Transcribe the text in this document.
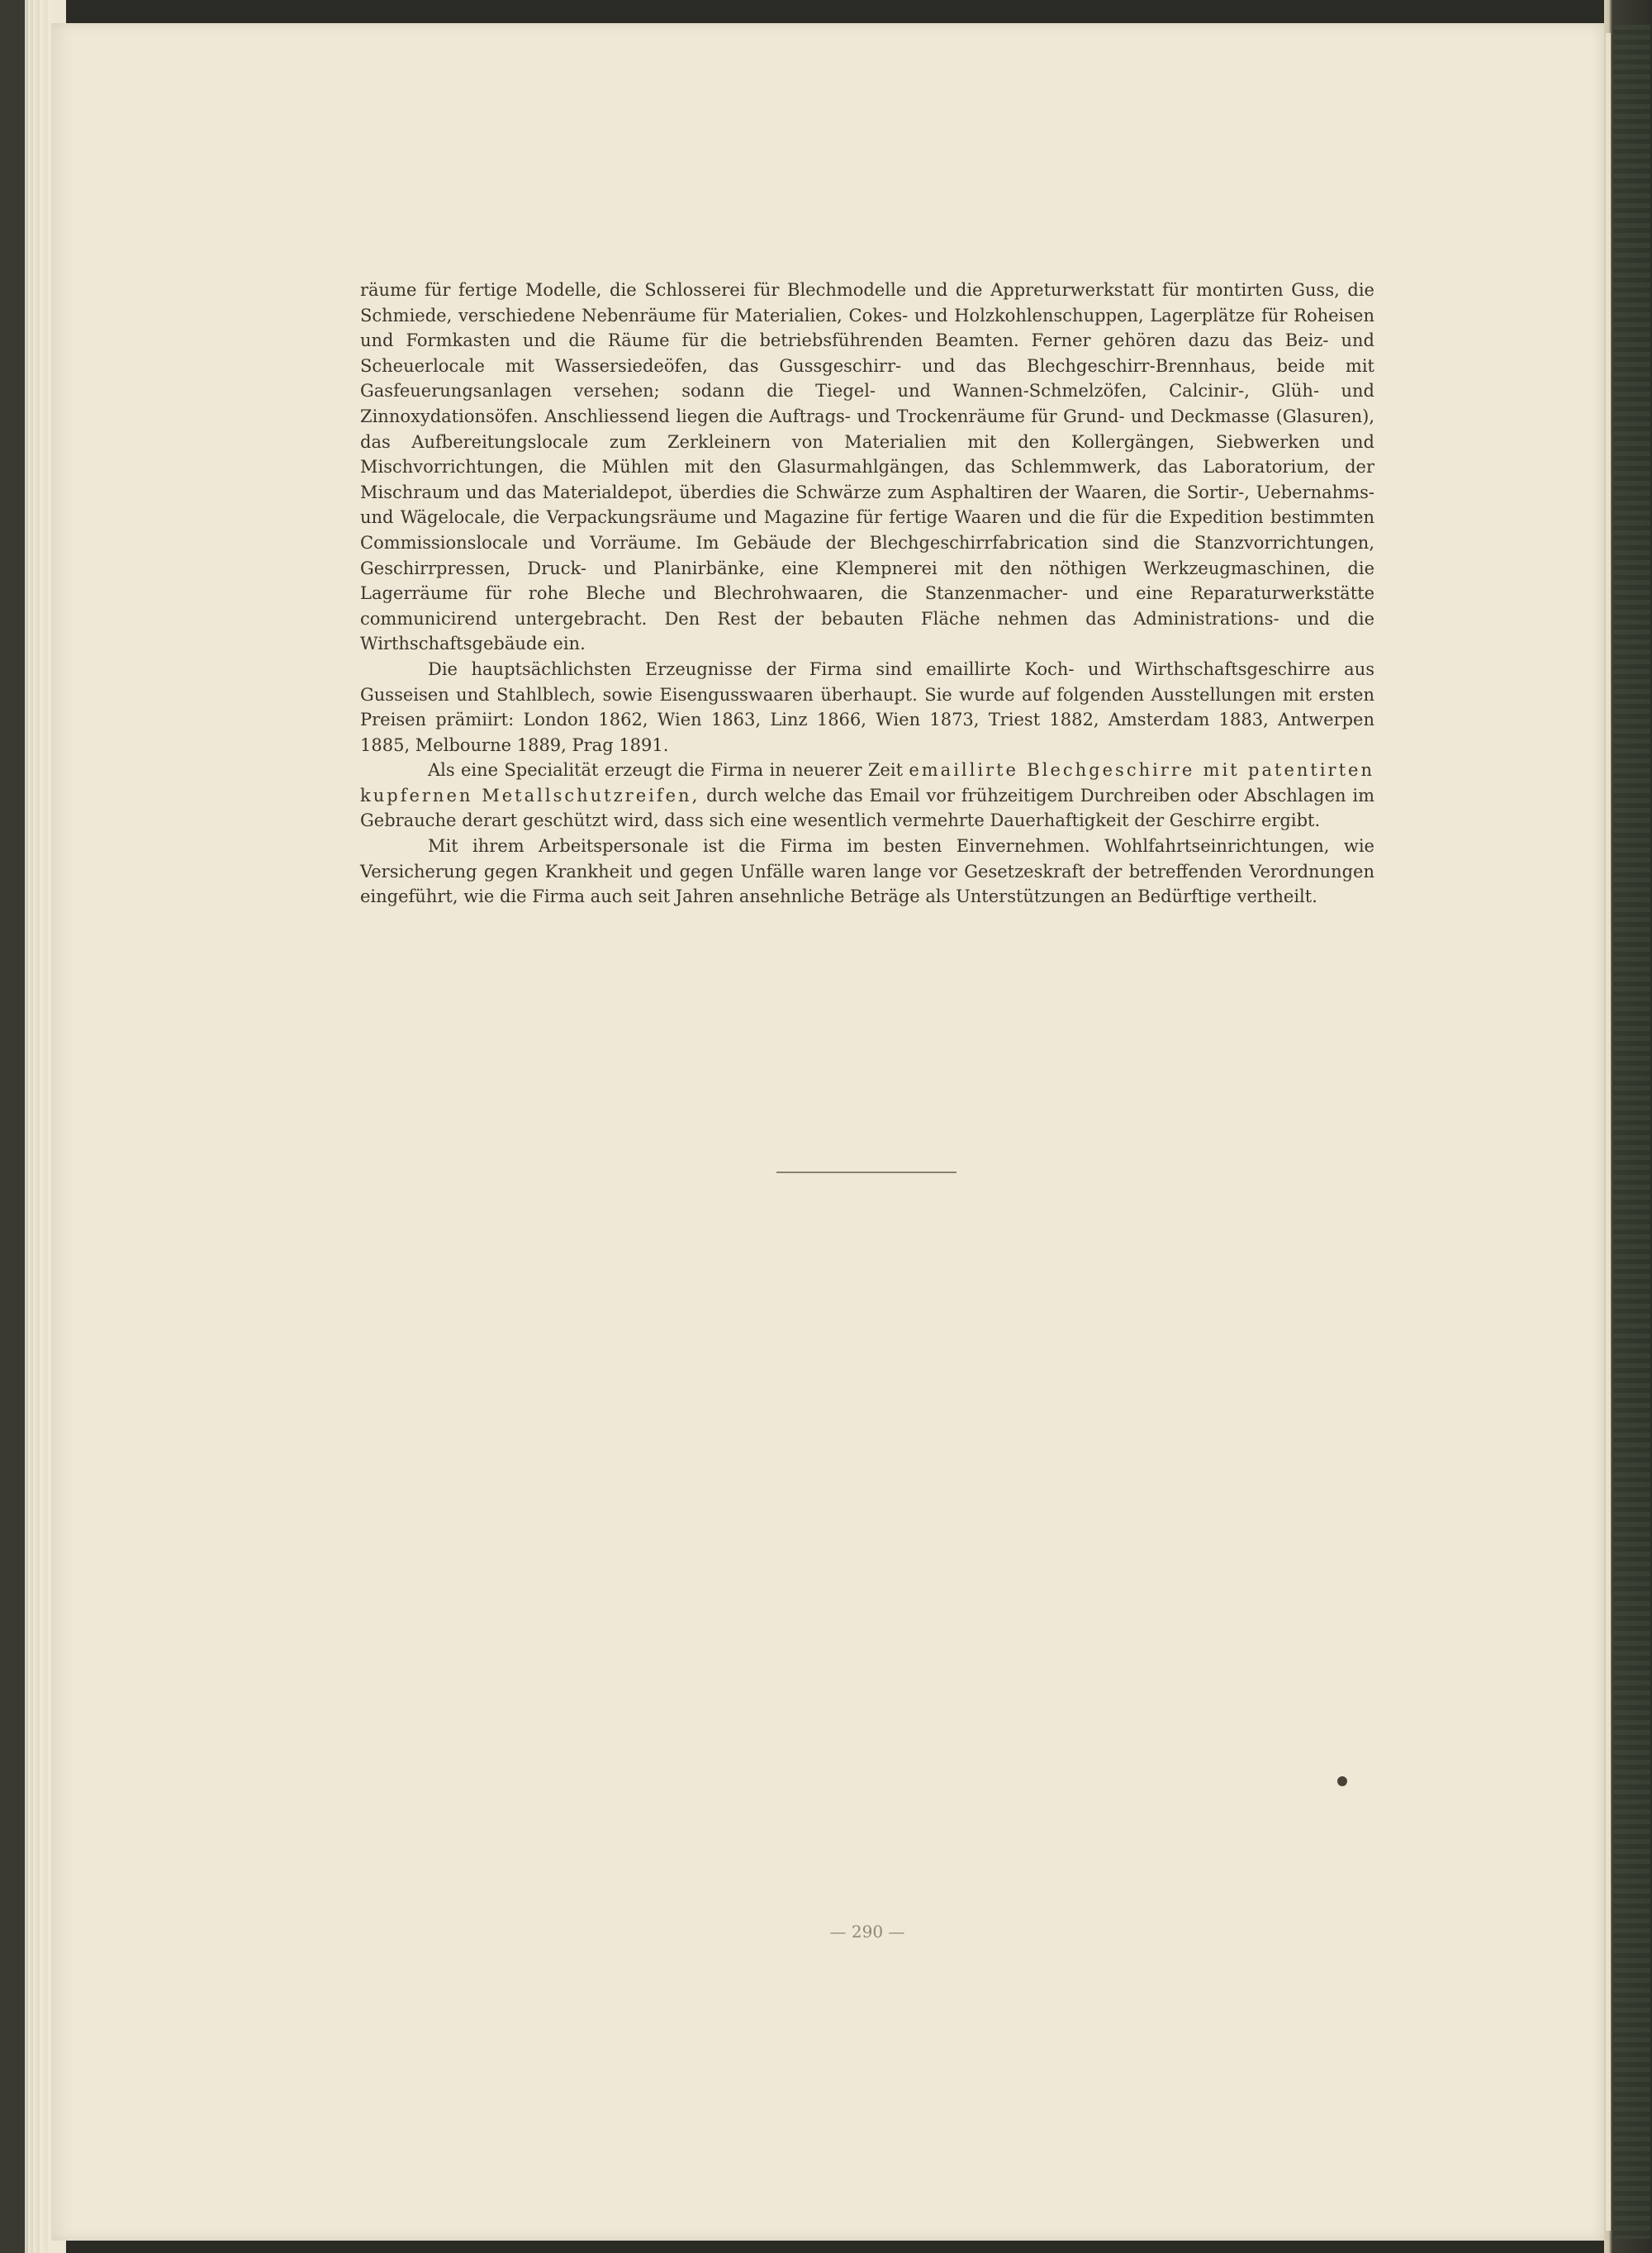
räume für fertige Modelle, die Schlosserei für Blechmodelle und die Appreturwerkstatt für montirten Guss, die Schmiede, verschiedene Nebenräume für Materialien, Cokes- und Holzkohlenschuppen, Lagerplätze für Roheisen und Formkasten und die Räume für die betriebsführenden Beamten. Ferner gehören dazu das Beiz- und Scheuerlocale mit Wassersiedeöfen, das Gussgeschirr- und das Blechgeschirr-Brennhaus, beide mit Gasfeuerungsanlagen versehen; sodann die Tiegel- und Wannen-Schmelzöfen, Calcinir-, Glüh- und Zinnoxydationsöfen. Anschliessend liegen die Auftrags- und Trockenräume für Grund- und Deckmasse (Glasuren), das Aufbereitungslocale zum Zerkleinern von Materialien mit den Kollergängen, Siebwerken und Mischvorrichtungen, die Mühlen mit den Glasurmahlgängen, das Schlemmwerk, das Laboratorium, der Mischraum und das Materialdepot, überdies die Schwärze zum Asphaltiren der Waaren, die Sortir-, Uebernahms- und Wägelocale, die Verpackungsräume und Magazine für fertige Waaren und die für die Expedition bestimmten Commissionslocale und Vorräume. Im Gebäude der Blechgeschirrfabrication sind die Stanzvorrichtungen, Geschirrpressen, Druck- und Planirbänke, eine Klempnerei mit den nöthigen Werkzeugmaschinen, die Lagerräume für rohe Bleche und Blechrohwaaren, die Stanzenmacher- und eine Reparaturwerkstätte communicirend untergebracht. Den Rest der bebauten Fläche nehmen das Administrations- und die Wirthschaftsgebäude ein.

Die hauptsächlichsten Erzeugnisse der Firma sind emaillirte Koch- und Wirthschaftsgeschirre aus Gusseisen und Stahlblech, sowie Eisengusswaaren überhaupt. Sie wurde auf folgenden Ausstellungen mit ersten Preisen prämiirt: London 1862, Wien 1863, Linz 1866, Wien 1873, Triest 1882, Amsterdam 1883, Antwerpen 1885, Melbourne 1889, Prag 1891.

Als eine Specialität erzeugt die Firma in neuerer Zeit emaillirte Blechgeschirre mit patentirten kupfernen Metallschutzreifen, durch welche das Email vor frühzeitigem Durchreiben oder Abschlagen im Gebrauche derart geschützt wird, dass sich eine wesentlich vermehrte Dauerhaftigkeit der Geschirre ergibt.

Mit ihrem Arbeitspersonale ist die Firma im besten Einvernehmen. Wohlfahrtseinrichtungen, wie Versicherung gegen Krankheit und gegen Unfälle waren lange vor Gesetzeskraft der betreffenden Verordnungen eingeführt, wie die Firma auch seit Jahren ansehnliche Beträge als Unterstützungen an Bedürftige vertheilt.

— 290 —
